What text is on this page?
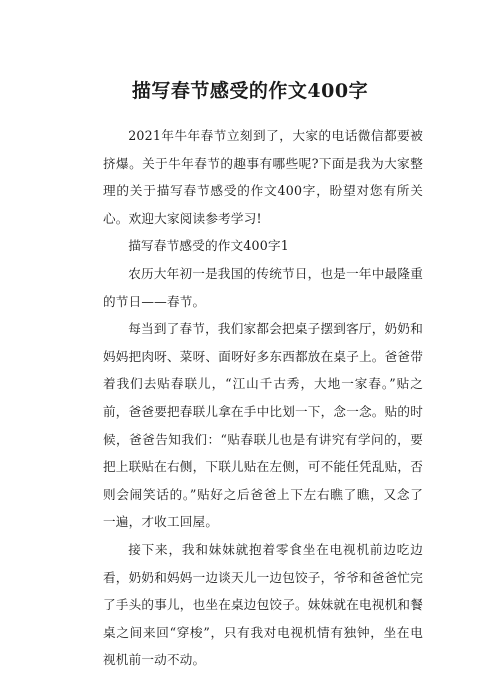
描写春节感受的作文400字

2021年牛年春节立刻到了，大家的电话微信都要被挤爆。关于牛年春节的趣事有哪些呢?下面是我为大家整理的关于描写春节感受的作文400字，盼望对您有所关心。欢迎大家阅读参考学习!

描写春节感受的作文400字1

农历大年初一是我国的传统节日，也是一年中最隆重的节日——春节。

每当到了春节，我们家都会把桌子摆到客厅，奶奶和妈妈把肉呀、菜呀、面呀好多东西都放在桌子上。爸爸带着我们去贴春联儿，“江山千古秀，大地一家春。”贴之前，爸爸要把春联儿拿在手中比划一下，念一念。贴的时候，爸爸告知我们：“贴春联儿也是有讲究有学问的，要把上联贴在右侧，下联儿贴在左侧，可不能任凭乱贴，否则会闹笑话的。”贴好之后爸爸上下左右瞧了瞧，又念了一遍，才收工回屋。

接下来，我和妹妹就抱着零食坐在电视机前边吃边看，奶奶和妈妈一边谈天儿一边包饺子，爷爷和爸爸忙完了手头的事儿，也坐在桌边包饺子。妹妹就在电视机和餐桌之间来回“穿梭”，只有我对电视机情有独钟，坐在电视机前一动不动。
